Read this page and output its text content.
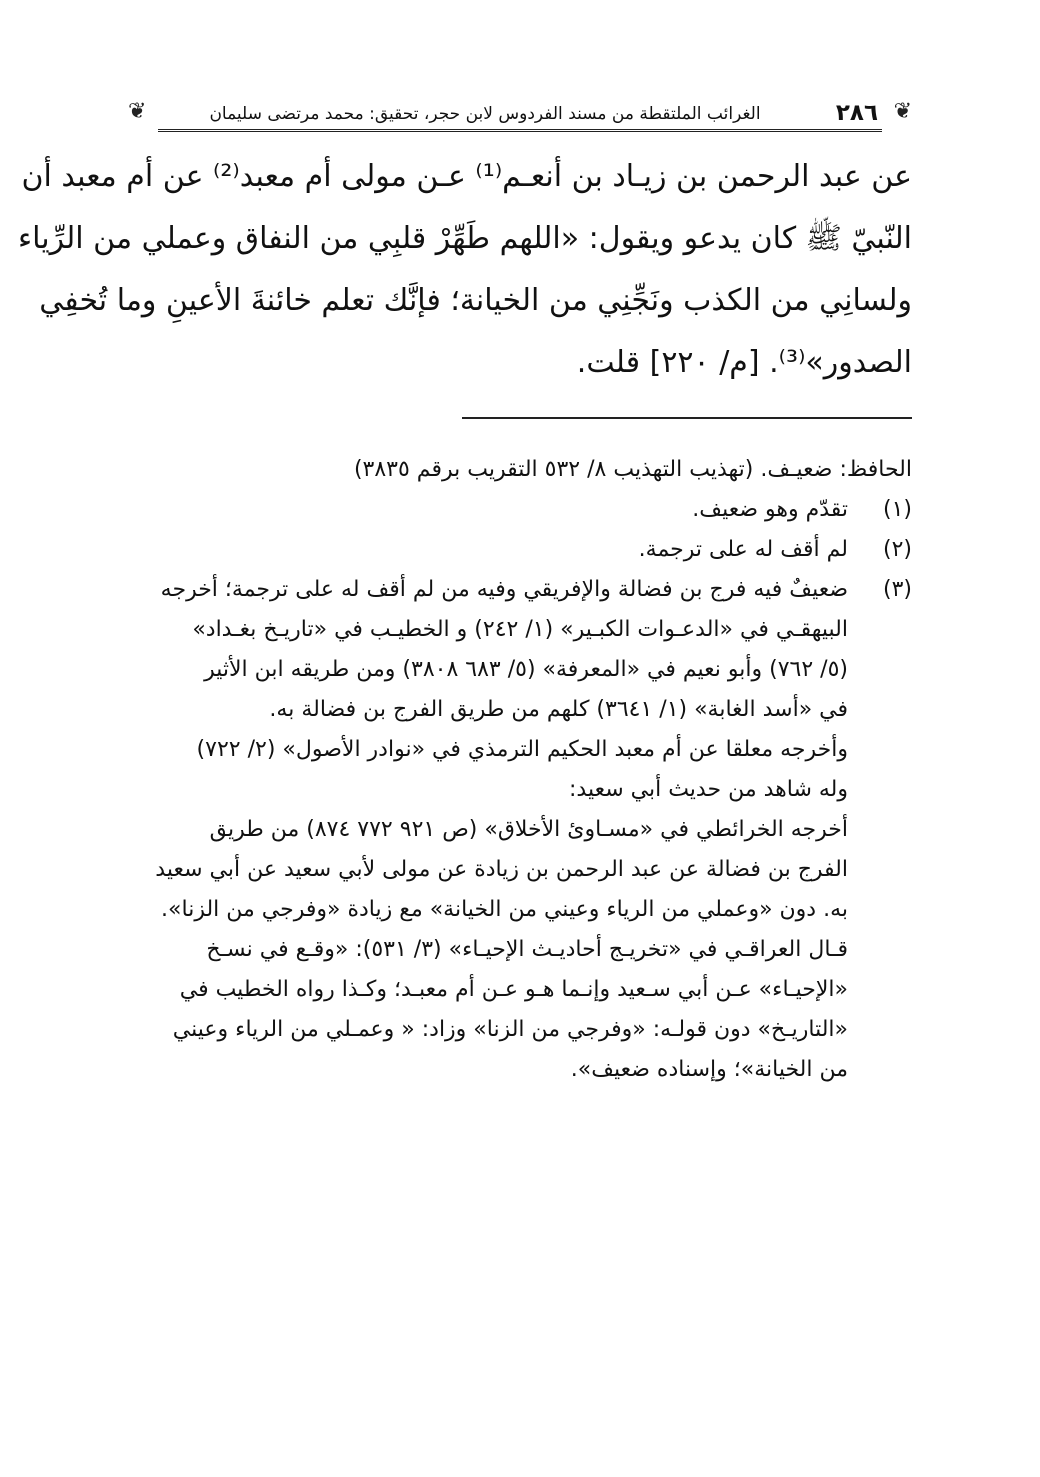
❦
٢٨٦
الغرائب الملتقطة من مسند الفردوس لابن حجر، تحقيق: محمد مرتضى سليمان
❦

عن عبد الرحمن بن زيـاد بن أنعـم⁽¹⁾ عـن مولى أم معبد⁽²⁾ عن أم معبد أن

النّبيّ ﷺ كان يدعو ويقول: «اللهم طَهِّرْ قلبِي من النفاق وعملي من الرِّياء

ولسانِي من الكذب ونَجِّنِي من الخيانة؛ فإنَّك تعلم خائنةَ الأعينِ وما تُخفِي

الصدور»⁽³⁾. [م/ ٢٢٠] قلت.

الحافظ: ضعيـف. (تهذيب التهذيب ٨/ ٥٣٢ التقريب برقم ٣٨٣٥)
(١)
تقدّم وهو ضعيف.
(٢)
لم أقف له على ترجمة.
(٣)
ضعيفٌ فيه فرج بن فضالة والإفريقي وفيه من لم أقف له على ترجمة؛ أخرجه
البيهقـي في «الدعـوات الكبـير» (١/ ٢٤٢) و الخطيـب في «تاريـخ بغـداد»
(٥/ ٧٦٢) وأبو نعيم في «المعرفة» (٥/ ٦٨٣ ٣٨٠٨) ومن طريقه ابن الأثير
في «أسد الغابة» (١/ ٣٦٤١) كلهم من طريق الفرج بن فضالة به.
وأخرجه معلقا عن أم معبد الحكيم الترمذي في «نوادر الأصول» (٢/ ٧٢٢)
وله شاهد من حديث أبي سعيد:
أخرجه الخرائطي في «مسـاوئ الأخلاق» (ص ٩٢١ ٧٧٢ ٨٧٤) من طريق
الفرج بن فضالة عن عبد الرحمن بن زيادة عن مولى لأبي سعيد عن أبي سعيد
به. دون «وعملي من الرياء وعيني من الخيانة» مع زيادة «وفرجي من الزنا».
قـال العراقـي في «تخريـج أحاديـث الإحيـاء» (٣/ ٥٣١): «وقـع في نسـخ
«الإحيـاء» عـن أبي سـعيد وإنـما هـو عـن أم معبـد؛ وكـذا رواه الخطيب في
«التاريـخ» دون قولـه: «وفرجي من الزنا» وزاد: « وعمـلي من الرياء وعيني
من الخيانة»؛ وإسناده ضعيف».
